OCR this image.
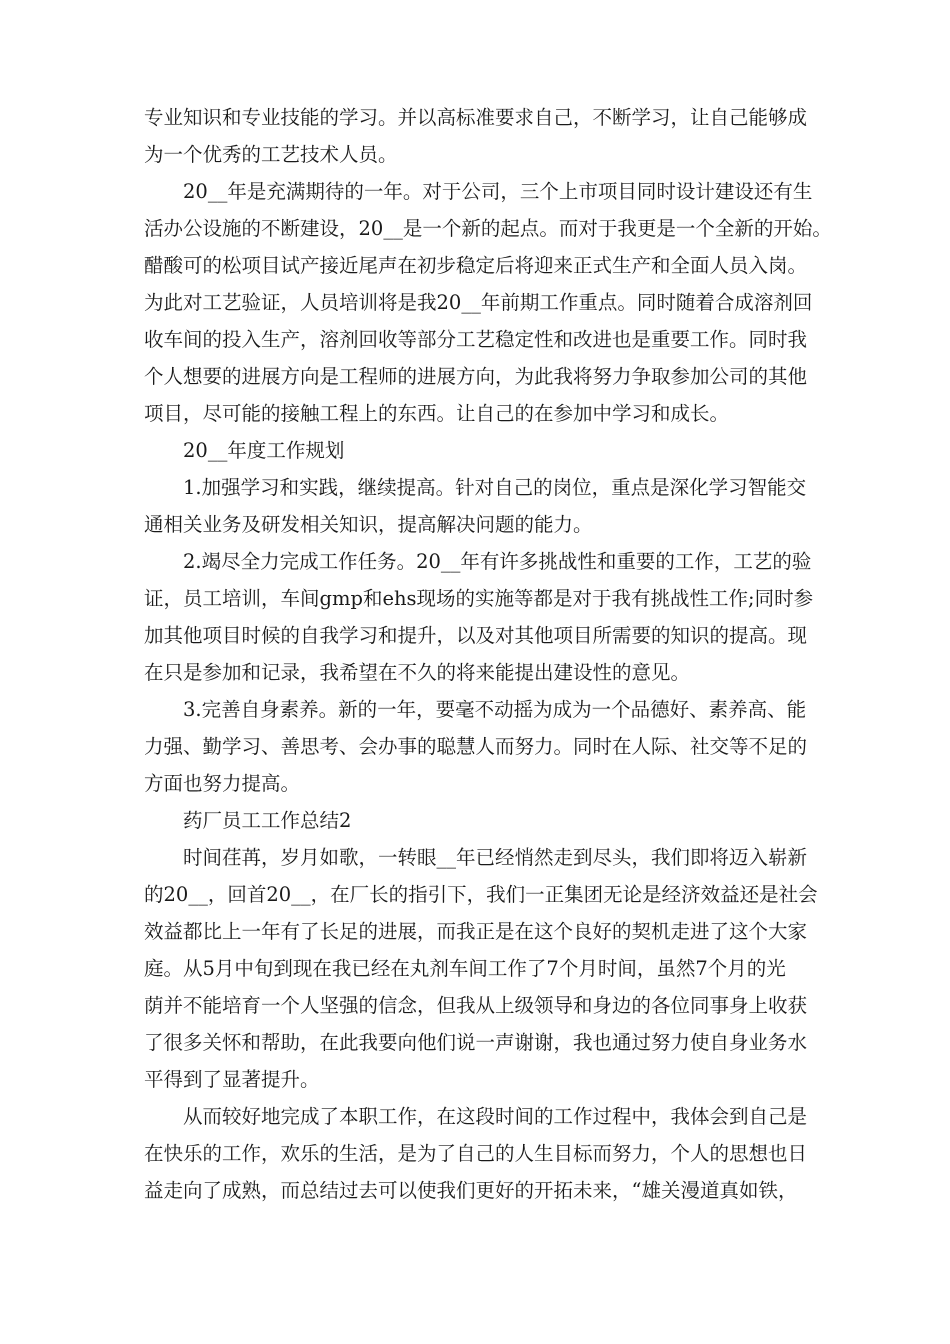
专业知识和专业技能的学习。并以高标准要求自己，不断学习，让自己能够成
为一个优秀的工艺技术人员。
20__年是充满期待的一年。对于公司，三个上市项目同时设计建设还有生
活办公设施的不断建设，20__是一个新的起点。而对于我更是一个全新的开始。
醋酸可的松项目试产接近尾声在初步稳定后将迎来正式生产和全面人员入岗。
为此对工艺验证，人员培训将是我20__年前期工作重点。同时随着合成溶剂回
收车间的投入生产，溶剂回收等部分工艺稳定性和改进也是重要工作。同时我
个人想要的进展方向是工程师的进展方向，为此我将努力争取参加公司的其他
项目，尽可能的接触工程上的东西。让自己的在参加中学习和成长。
20__年度工作规划
1.加强学习和实践，继续提高。针对自己的岗位，重点是深化学习智能交
通相关业务及研发相关知识，提高解决问题的能力。
2.竭尽全力完成工作任务。20__年有许多挑战性和重要的工作，工艺的验
证，员工培训，车间gmp和ehs现场的实施等都是对于我有挑战性工作;同时参
加其他项目时候的自我学习和提升，以及对其他项目所需要的知识的提高。现
在只是参加和记录，我希望在不久的将来能提出建设性的意见。
3.完善自身素养。新的一年，要毫不动摇为成为一个品德好、素养高、能
力强、勤学习、善思考、会办事的聪慧人而努力。同时在人际、社交等不足的
方面也努力提高。
药厂员工工作总结2
时间荏苒，岁月如歌，一转眼__年已经悄然走到尽头，我们即将迈入崭新
的20__，回首20__，在厂长的指引下，我们一正集团无论是经济效益还是社会
效益都比上一年有了长足的进展，而我正是在这个良好的契机走进了这个大家
庭。从5月中旬到现在我已经在丸剂车间工作了7个月时间，虽然7个月的光
荫并不能培育一个人坚强的信念，但我从上级领导和身边的各位同事身上收获
了很多关怀和帮助，在此我要向他们说一声谢谢，我也通过努力使自身业务水
平得到了显著提升。
从而较好地完成了本职工作，在这段时间的工作过程中，我体会到自己是
在快乐的工作，欢乐的生活，是为了自己的人生目标而努力，个人的思想也日
益走向了成熟，而总结过去可以使我们更好的开拓未来，“雄关漫道真如铁，
